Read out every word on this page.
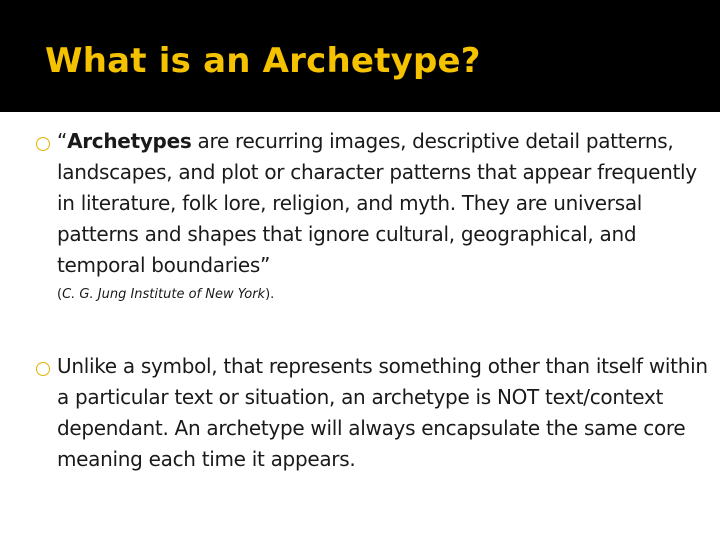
What is an Archetype?

“Archetypes are recurring images, descriptive detail patterns, landscapes, and plot or character patterns that appear frequently in literature, folk lore, religion, and myth. They are universal patterns and shapes that ignore cultural, geographical, and temporal boundaries”
(C. G. Jung Institute of New York).

Unlike a symbol, that represents something other than itself within a particular text or situation, an archetype is NOT text/context dependant. An archetype will always encapsulate the same core meaning each time it appears.
